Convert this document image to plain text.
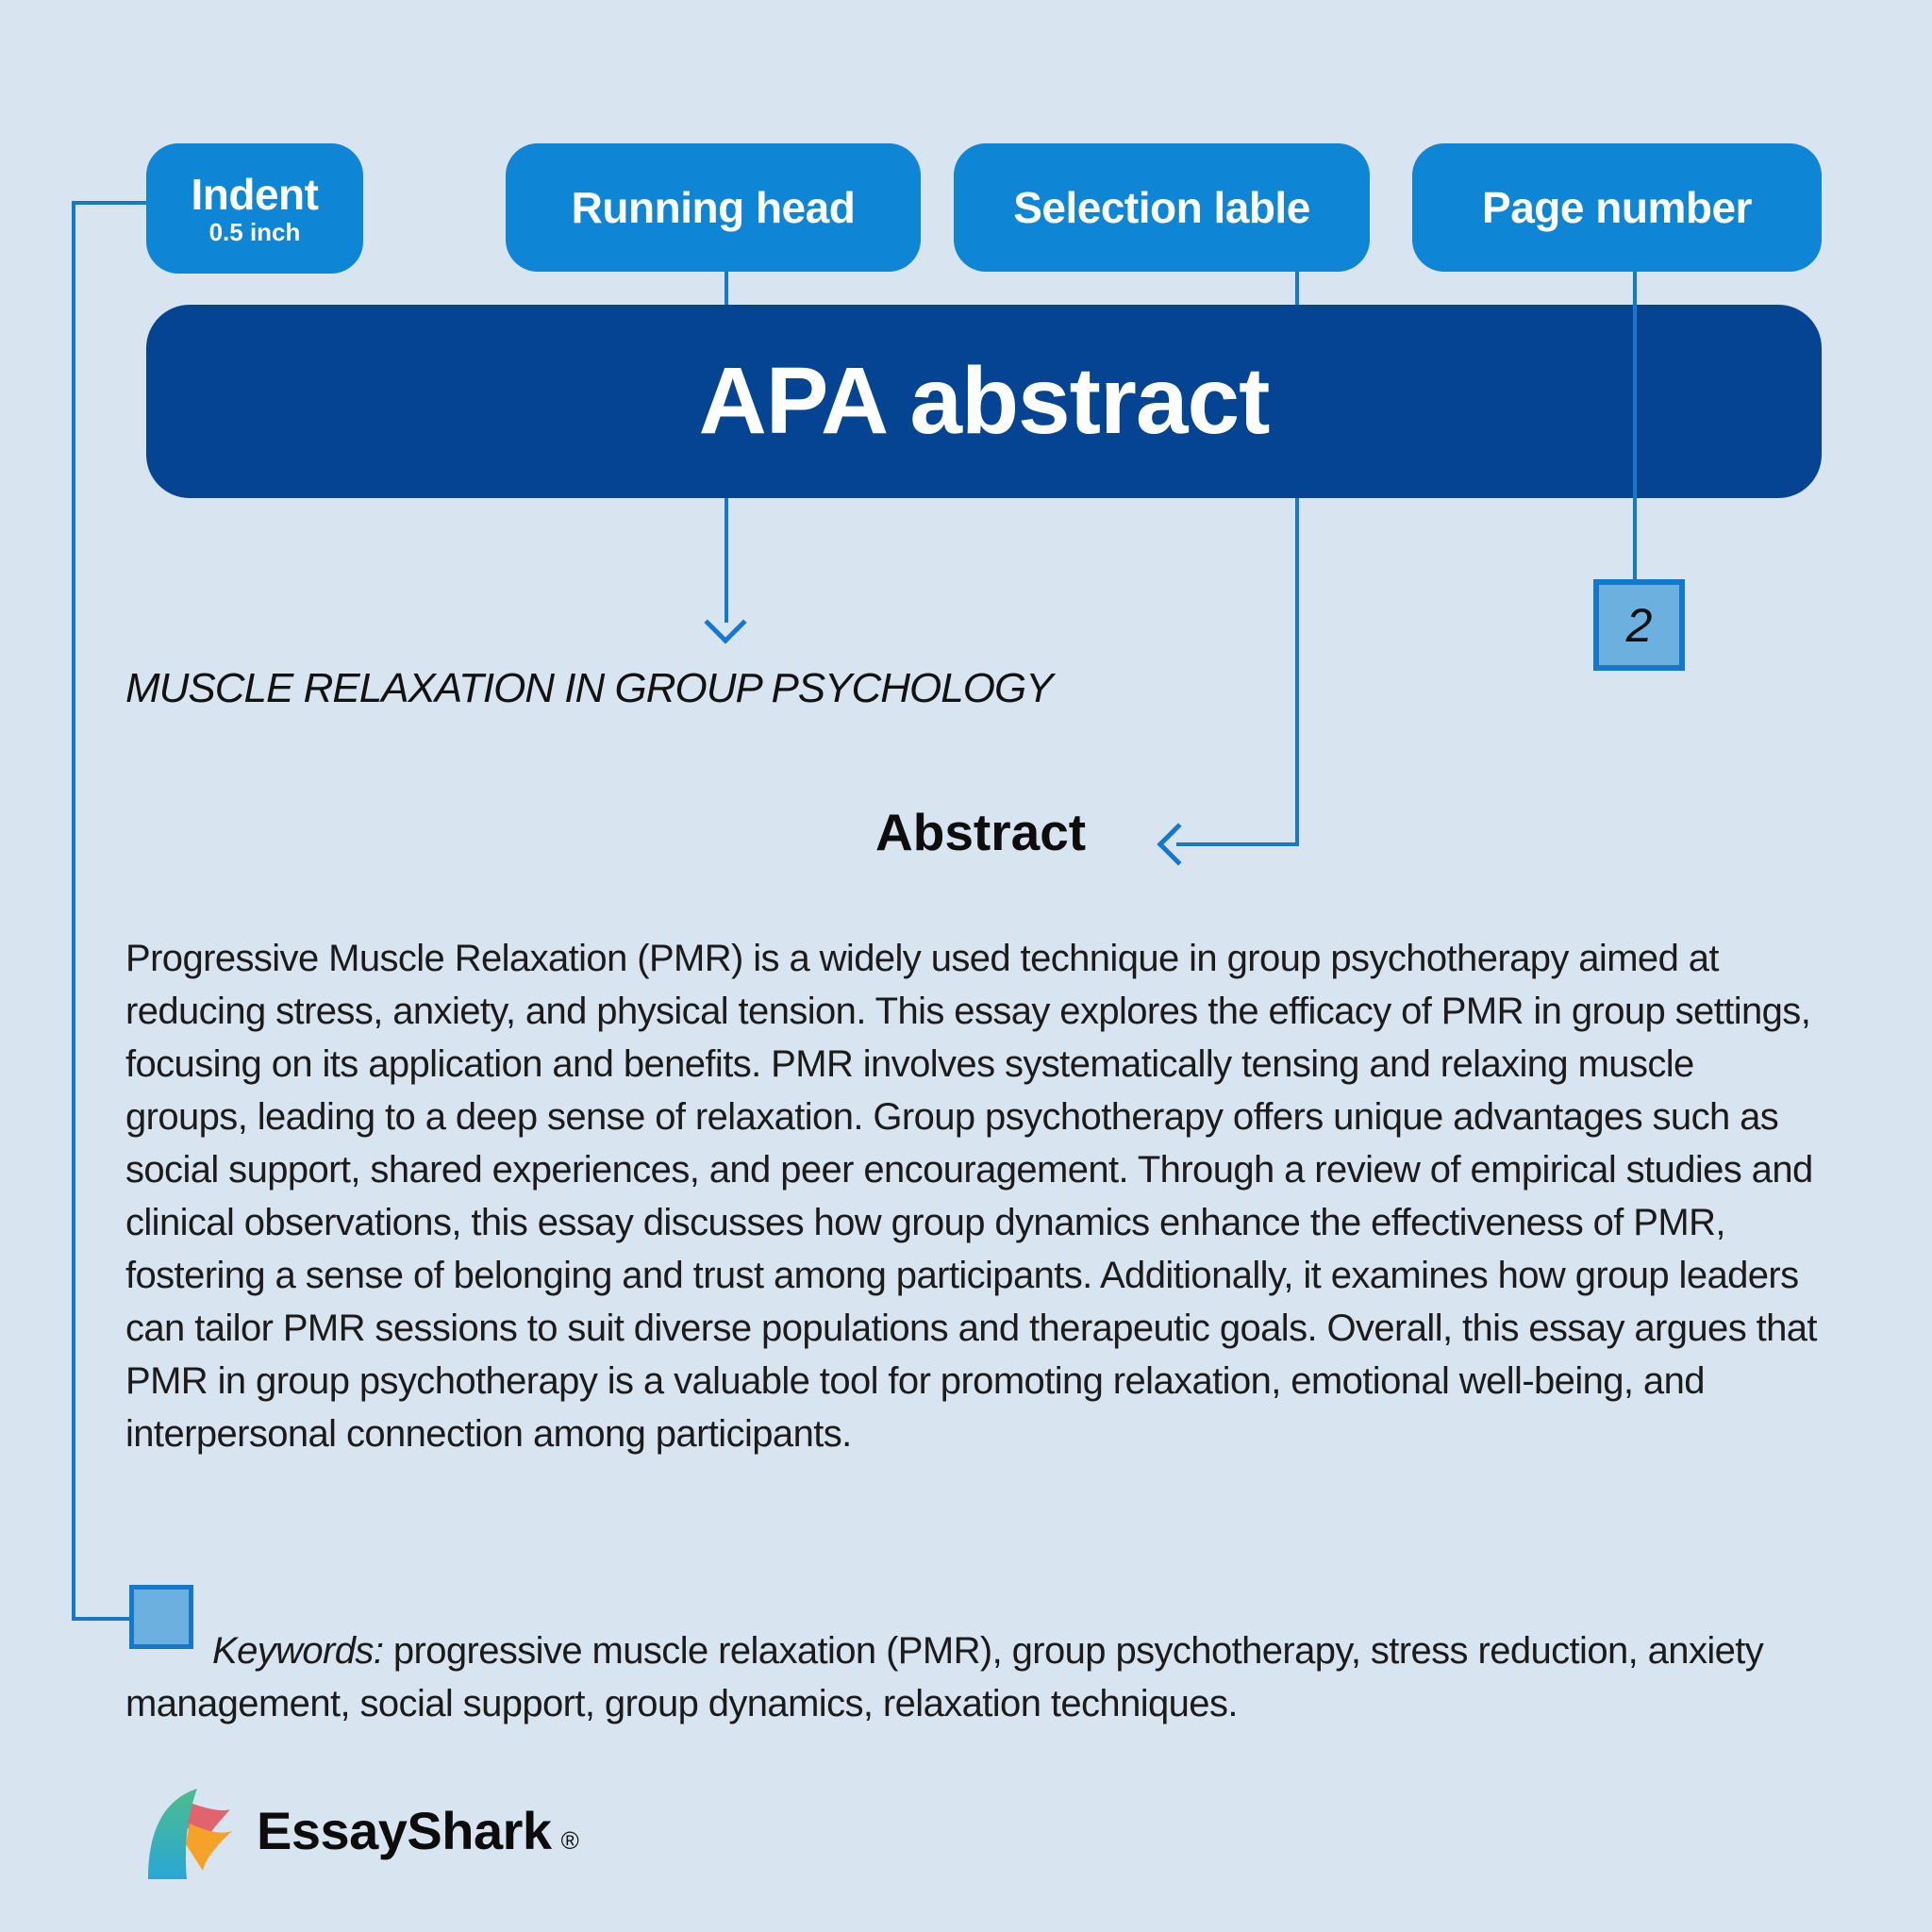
Indent
0.5 inch	Running head	Selection lable	Page number
APA abstract
2
MUSCLE RELAXATION IN GROUP PSYCHOLOGY
Abstract

Progressive Muscle Relaxation (PMR) is a widely used technique in group psychotherapy aimed at reducing stress, anxiety, and physical tension. This essay explores the efficacy of PMR in group settings, focusing on its application and benefits. PMR involves systematically tensing and relaxing muscle groups, leading to a deep sense of relaxation. Group psychotherapy offers unique advantages such as social support, shared experiences, and peer encouragement. Through a review of empirical studies and clinical observations, this essay discusses how group dynamics enhance the effectiveness of PMR, fostering a sense of belonging and trust among participants. Additionally, it examines how group leaders can tailor PMR sessions to suit diverse populations and therapeutic goals. Overall, this essay argues that PMR in group psychotherapy is a valuable tool for promoting relaxation, emotional well-being, and interpersonal connection among participants.

Keywords: progressive muscle relaxation (PMR), group psychotherapy, stress reduction, anxiety management, social support, group dynamics, relaxation techniques.

EssayShark ®
